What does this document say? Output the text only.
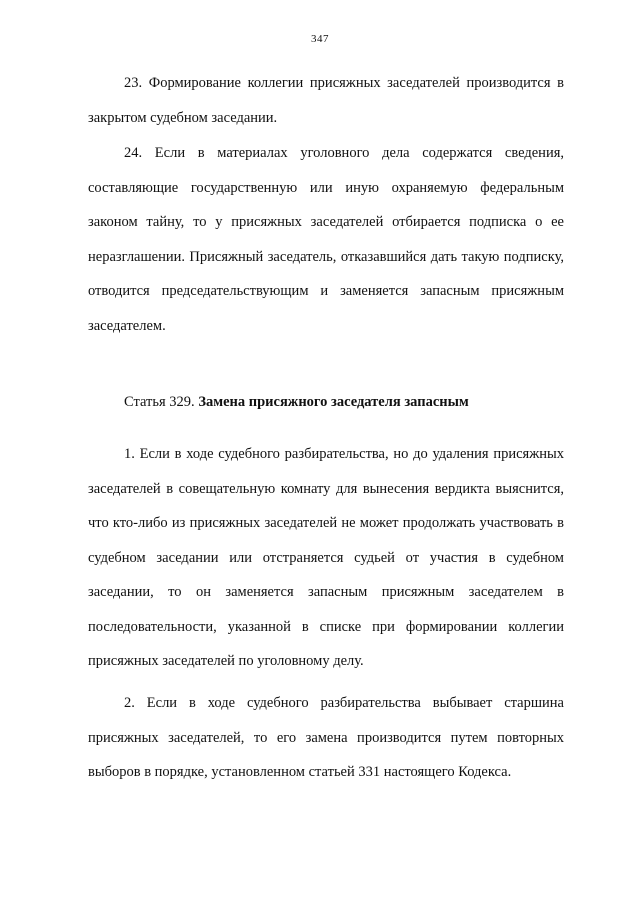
347

23. Формирование коллегии присяжных заседателей производится в закрытом судебном заседании.

24. Если в материалах уголовного дела содержатся сведения, составляющие государственную или иную охраняемую федеральным законом тайну, то у присяжных заседателей отбирается подписка о ее неразглашении. Присяжный заседатель, отказавшийся дать такую подписку, отводится председательствующим и заменяется запасным присяжным заседателем.

Статья 329. Замена присяжного заседателя запасным

1. Если в ходе судебного разбирательства, но до удаления присяжных заседателей в совещательную комнату для вынесения вердикта выяснится, что кто-либо из присяжных заседателей не может продолжать участвовать в судебном заседании или отстраняется судьей от участия в судебном заседании, то он заменяется запасным присяжным заседателем в последовательности, указанной в списке при формировании коллегии присяжных заседателей по уголовному делу.

2. Если в ходе судебного разбирательства выбывает старшина присяжных заседателей, то его замена производится путем повторных выборов в порядке, установленном статьей 331 настоящего Кодекса.
